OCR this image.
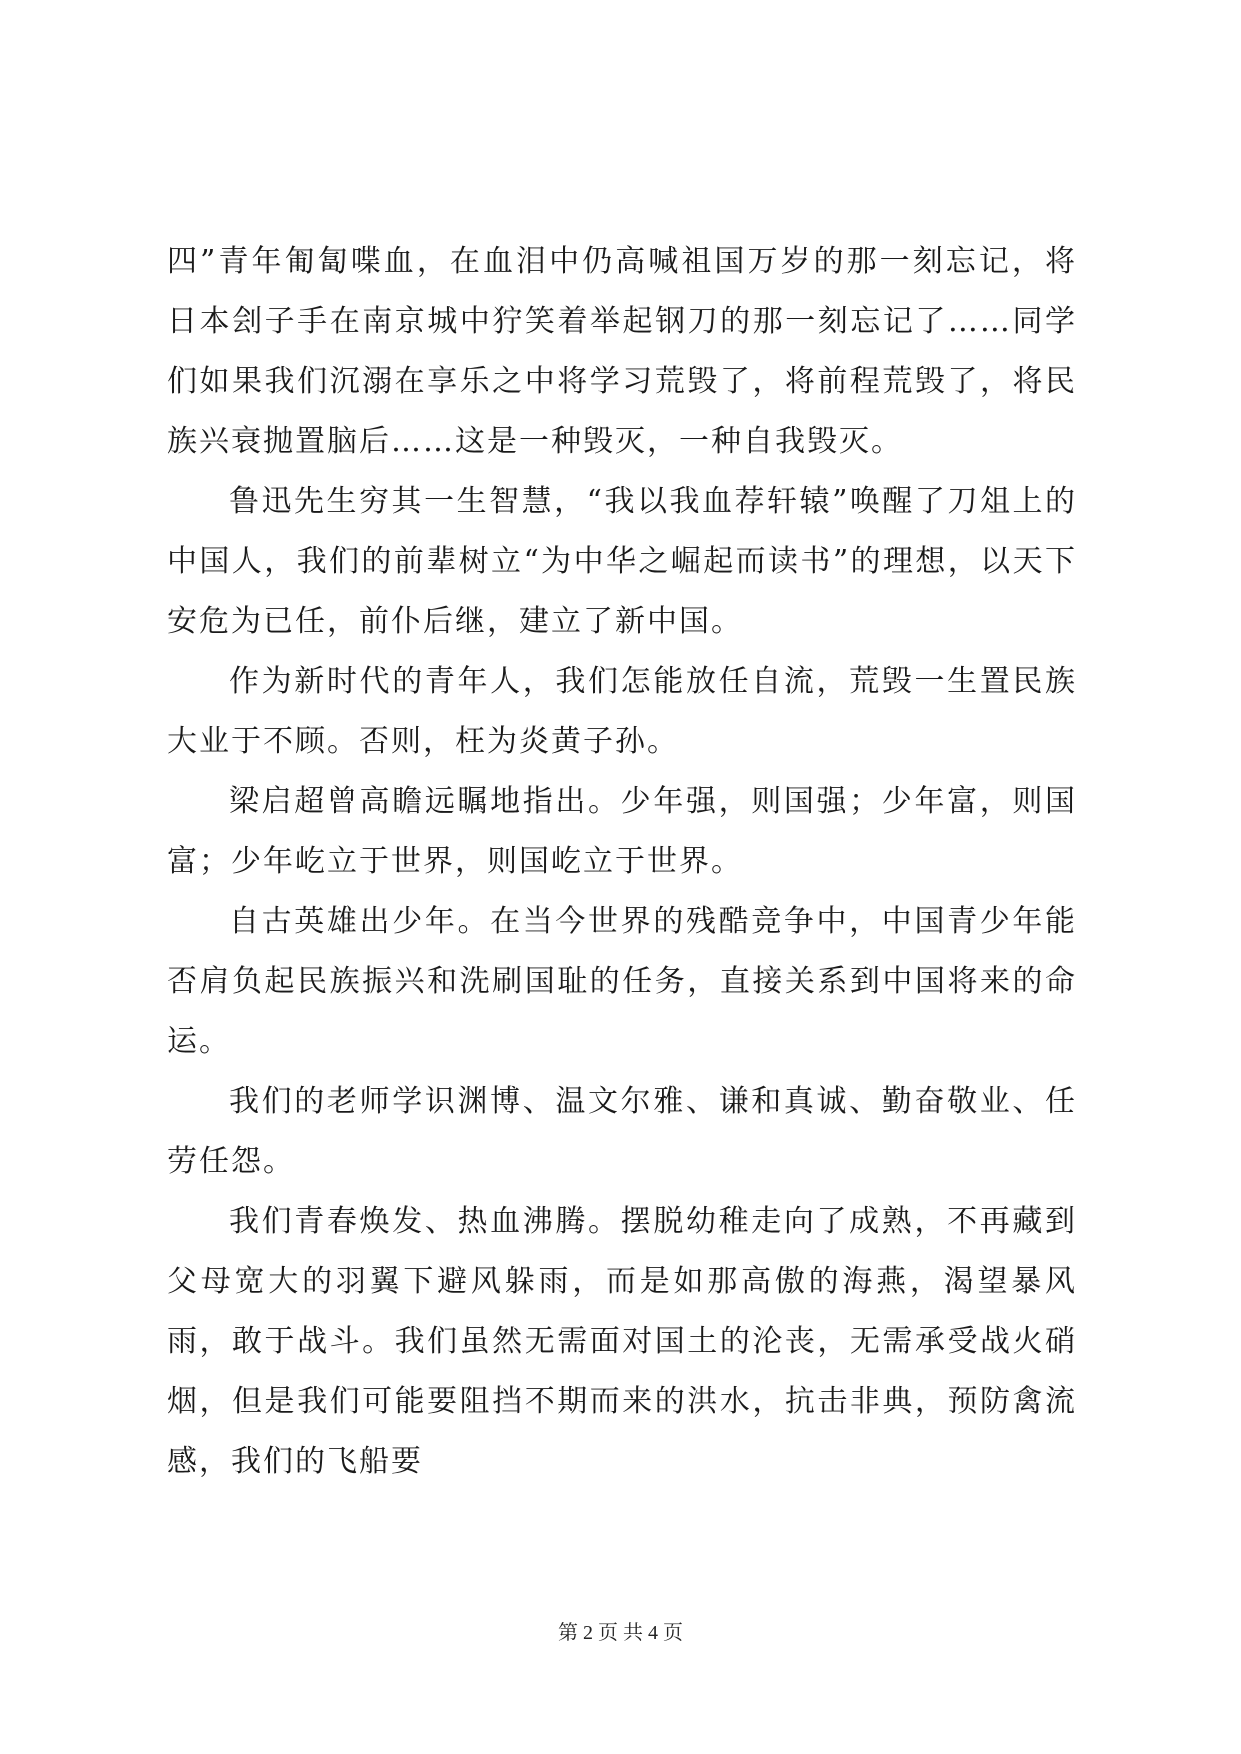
四”青年匍匐喋血，在血泪中仍高喊祖国万岁的那一刻忘记，将日本刽子手在南京城中狞笑着举起钢刀的那一刻忘记了……同学们如果我们沉溺在享乐之中将学习荒毁了，将前程荒毁了，将民族兴衰抛置脑后……这是一种毁灭，一种自我毁灭。

鲁迅先生穷其一生智慧，“我以我血荐轩辕”唤醒了刀俎上的中国人，我们的前辈树立“为中华之崛起而读书”的理想，以天下安危为已任，前仆后继，建立了新中国。

作为新时代的青年人，我们怎能放任自流，荒毁一生置民族大业于不顾。否则，枉为炎黄子孙。

梁启超曾高瞻远瞩地指出。少年强，则国强；少年富，则国富；少年屹立于世界，则国屹立于世界。

自古英雄出少年。在当今世界的残酷竞争中，中国青少年能否肩负起民族振兴和洗刷国耻的任务，直接关系到中国将来的命运。

我们的老师学识渊博、温文尔雅、谦和真诚、勤奋敬业、任劳任怨。

我们青春焕发、热血沸腾。摆脱幼稚走向了成熟，不再藏到父母宽大的羽翼下避风躲雨，而是如那高傲的海燕，渴望暴风雨，敢于战斗。我们虽然无需面对国土的沦丧，无需承受战火硝烟，但是我们可能要阻挡不期而来的洪水，抗击非典，预防禽流感，我们的飞船要

第 2 页 共 4 页
